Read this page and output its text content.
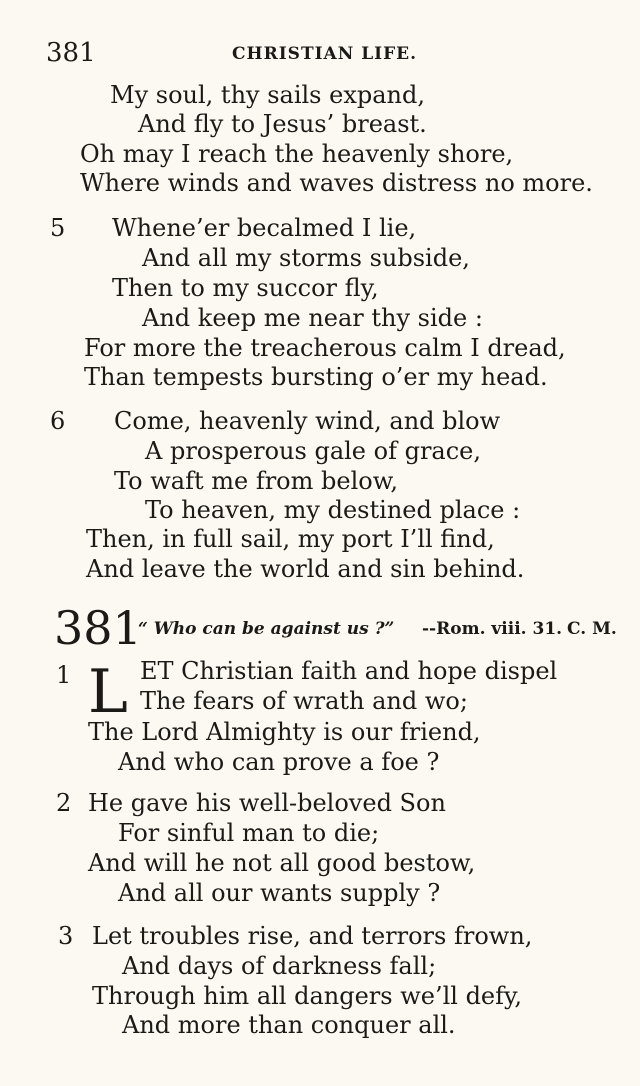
381	CHRISTIAN LIFE.
My soul, thy sails expand,
And fly to Jesus’ breast.
Oh may I reach the heavenly shore,
Where winds and waves distress no more.
5 Whene’er becalmed I lie,
And all my storms subside,
Then to my succor fly,
And keep me near thy side :
For more the treacherous calm I dread,
Than tempests bursting o’er my head.
6 Come, heavenly wind, and blow
A prosperous gale of grace,
To waft me from below,
To heaven, my destined place :
Then, in full sail, my port I’ll find,
And leave the world and sin behind.
381
“ Who can be against us ?” --Rom. viii. 31. C. M.
1 L ET Christian faith and hope dispel
The fears of wrath and wo;
The Lord Almighty is our friend,
And who can prove a foe ?
2 He gave his well-beloved Son
For sinful man to die;
And will he not all good bestow,
And all our wants supply ?
3 Let troubles rise, and terrors frown,
And days of darkness fall;
Through him all dangers we’ll defy,
And more than conquer all.
